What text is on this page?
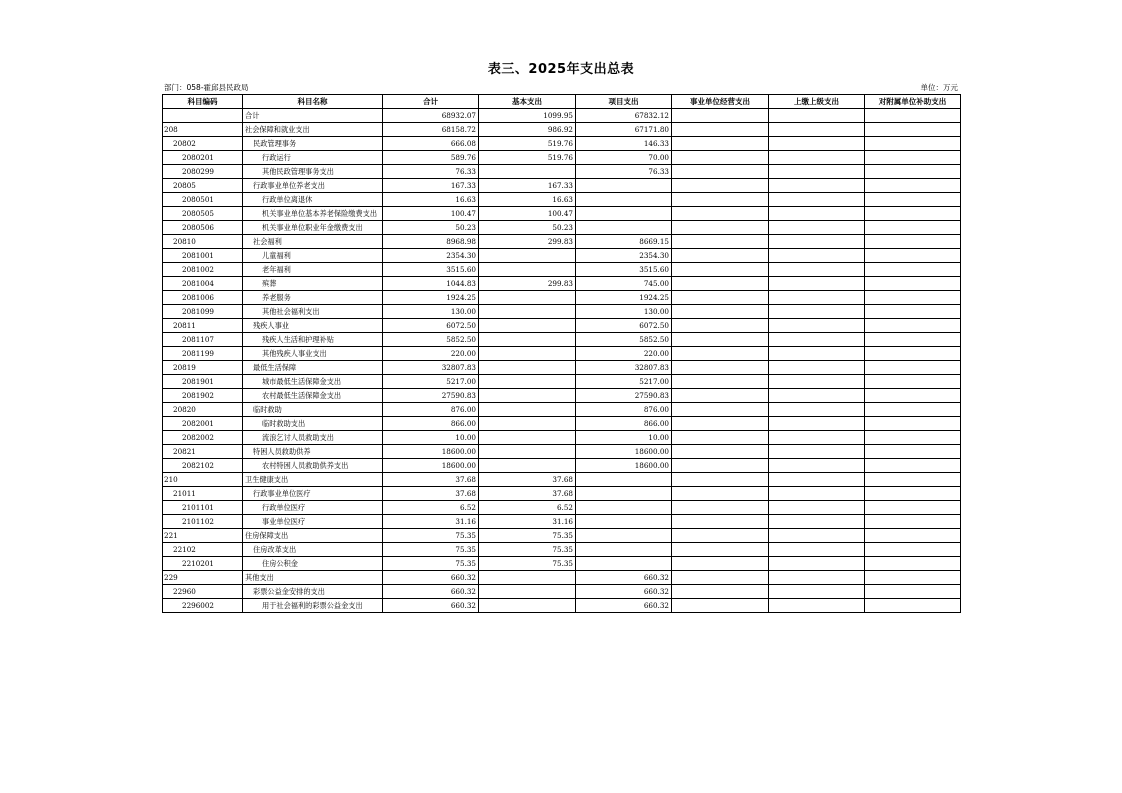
表三、2025年支出总表
部门：058-霍邱县民政局	单位：万元
科目编码	科目名称	合计	基本支出	项目支出	事业单位经营支出	上缴上级支出	对附属单位补助支出
	合计	68932.07	1099.95	67832.12			
208	社会保障和就业支出	68158.72	986.92	67171.80			
20802	民政管理事务	666.08	519.76	146.33			
2080201	行政运行	589.76	519.76	70.00			
2080299	其他民政管理事务支出	76.33		76.33			
20805	行政事业单位养老支出	167.33	167.33				
2080501	行政单位离退休	16.63	16.63				
2080505	机关事业单位基本养老保险缴费支出	100.47	100.47				
2080506	机关事业单位职业年金缴费支出	50.23	50.23				
20810	社会福利	8968.98	299.83	8669.15			
2081001	儿童福利	2354.30		2354.30			
2081002	老年福利	3515.60		3515.60			
2081004	殡葬	1044.83	299.83	745.00			
2081006	养老服务	1924.25		1924.25			
2081099	其他社会福利支出	130.00		130.00			
20811	残疾人事业	6072.50		6072.50			
2081107	残疾人生活和护理补贴	5852.50		5852.50			
2081199	其他残疾人事业支出	220.00		220.00			
20819	最低生活保障	32807.83		32807.83			
2081901	城市最低生活保障金支出	5217.00		5217.00			
2081902	农村最低生活保障金支出	27590.83		27590.83			
20820	临时救助	876.00		876.00			
2082001	临时救助支出	866.00		866.00			
2082002	流浪乞讨人员救助支出	10.00		10.00			
20821	特困人员救助供养	18600.00		18600.00			
2082102	农村特困人员救助供养支出	18600.00		18600.00			
210	卫生健康支出	37.68	37.68				
21011	行政事业单位医疗	37.68	37.68				
2101101	行政单位医疗	6.52	6.52				
2101102	事业单位医疗	31.16	31.16				
221	住房保障支出	75.35	75.35				
22102	住房改革支出	75.35	75.35				
2210201	住房公积金	75.35	75.35				
229	其他支出	660.32		660.32			
22960	彩票公益金安排的支出	660.32		660.32			
2296002	用于社会福利的彩票公益金支出	660.32		660.32			
